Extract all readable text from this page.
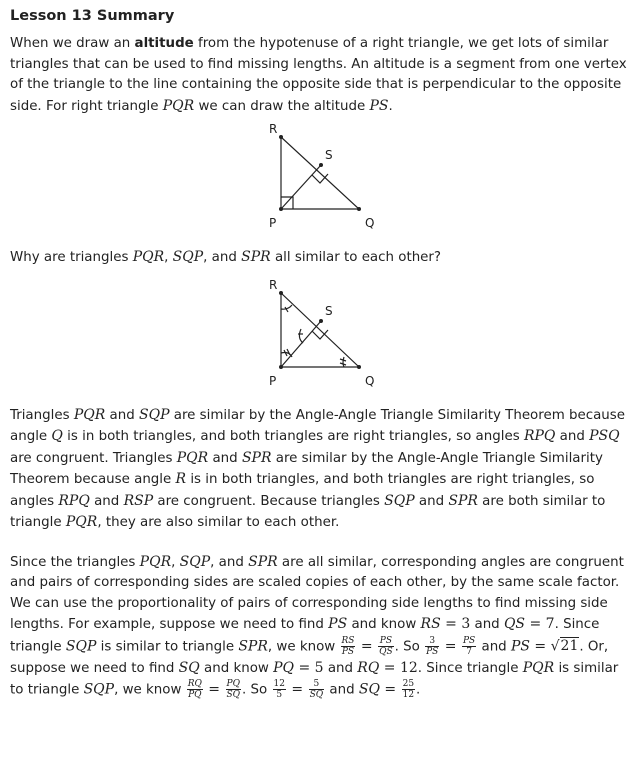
Lesson 13 Summary

When we draw an altitude from the hypotenuse of a right triangle, we get lots of similar triangles that can be used to find missing lengths. An altitude is a segment from one vertex of the triangle to the line containing the opposite side that is perpendicular to the opposite side. For right triangle PQR we can draw the altitude PS.

R
S
P	Q

Why are triangles PQR, SQP, and SPR all similar to each other?

R
S
P	Q

Triangles PQR and SQP are similar by the Angle-Angle Triangle Similarity Theorem because angle Q is in both triangles, and both triangles are right triangles, so angles RPQ and PSQ are congruent. Triangles PQR and SPR are similar by the Angle-Angle Triangle Similarity Theorem because angle R is in both triangles, and both triangles are right triangles, so angles RPQ and RSP are congruent. Because triangles SQP and SPR are both similar to triangle PQR, they are also similar to each other.

Since the triangles PQR, SQP, and SPR are all similar, corresponding angles are congruent and pairs of corresponding sides are scaled copies of each other, by the same scale factor. We can use the proportionality of pairs of corresponding side lengths to find missing side lengths. For example, suppose we need to find PS and know RS = 3 and QS = 7. Since triangle SQP is similar to triangle SPR, we know $\frac{RS}{PS} = \frac{PS}{QS}$ . So $\frac{3}{PS} = \frac{PS}{7}$ and PS = √21. Or, suppose we need to find SQ and know PQ = 5 and RQ = 12. Since triangle PQR is similar to triangle SQP, we know $\frac{RQ}{PQ} = \frac{PQ}{SQ}$ . So $\frac{12}{5} = \frac{5}{SQ}$ and SQ = $\frac{25}{12}$ .
